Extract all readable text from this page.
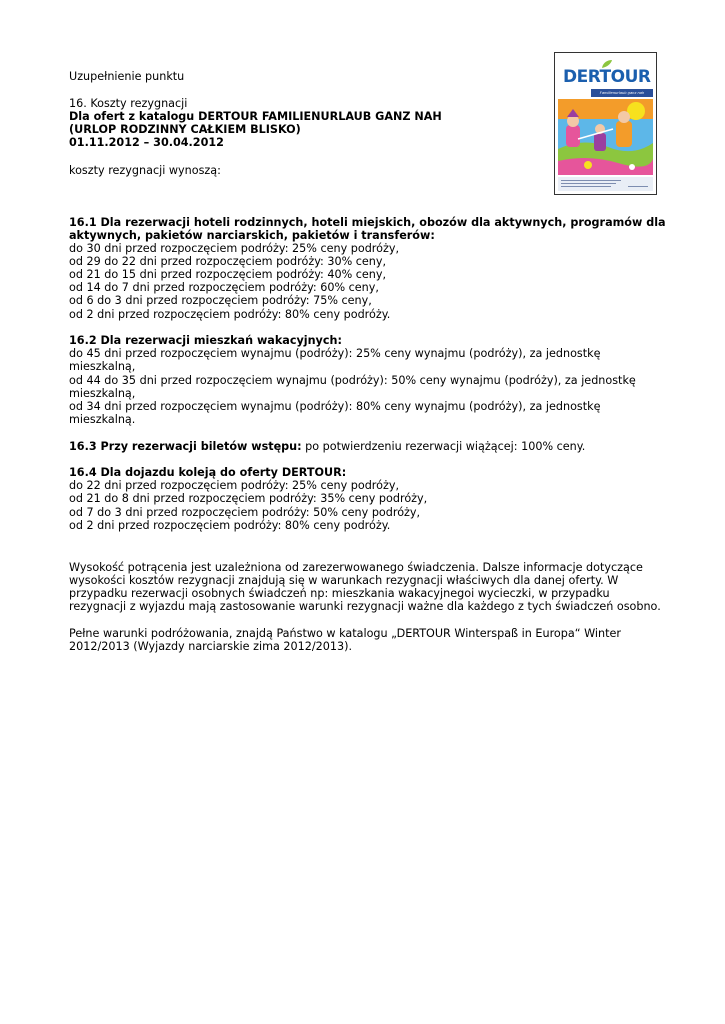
Uzupełnienie punktu
16. Koszty rezygnacji
Dla ofert z katalogu DERTOUR FAMILIENURLAUB GANZ NAH
(URLOP RODZINNY CAŁKIEM BLISKO)
01.11.2012 – 30.04.2012
koszty rezygnacji wynoszą:
16.1 Dla rezerwacji hoteli rodzinnych, hoteli miejskich, obozów dla aktywnych, programów dla
aktywnych, pakietów narciarskich, pakietów i transferów:
do 30 dni przed rozpoczęciem podróży: 25% ceny podróży,
od 29 do 22 dni przed rozpoczęciem podróży: 30% ceny,
od 21 do 15 dni przed rozpoczęciem podróży: 40% ceny,
od 14 do 7 dni przed rozpoczęciem podróży: 60% ceny,
od 6 do 3 dni przed rozpoczęciem podróży: 75% ceny,
od 2 dni przed rozpoczęciem podróży: 80% ceny podróży.
16.2 Dla rezerwacji mieszkań wakacyjnych:
do 45 dni przed rozpoczęciem wynajmu (podróży): 25% ceny wynajmu (podróży), za jednostkę
mieszkalną,
od 44 do 35 dni przed rozpoczęciem wynajmu (podróży): 50% ceny wynajmu (podróży), za jednostkę
mieszkalną,
od 34 dni przed rozpoczęciem wynajmu (podróży): 80% ceny wynajmu (podróży), za jednostkę
mieszkalną.
16.3 Przy rezerwacji biletów wstępu: po potwierdzeniu rezerwacji wiążącej: 100% ceny.
16.4 Dla dojazdu koleją do oferty DERTOUR:
do 22 dni przed rozpoczęciem podróży: 25% ceny podróży,
od 21 do 8 dni przed rozpoczęciem podróży: 35% ceny podróży,
od 7 do 3 dni przed rozpoczęciem podróży: 50% ceny podróży,
od 2 dni przed rozpoczęciem podróży: 80% ceny podróży.
Wysokość potrącenia jest uzależniona od zarezerwowanego świadczenia. Dalsze informacje dotyczące
wysokości kosztów rezygnacji znajdują się w warunkach rezygnacji właściwych dla danej oferty. W
przypadku rezerwacji osobnych świadczeń np: mieszkania wakacyjnegoi wycieczki, w przypadku
rezygnacji z wyjazdu mają zastosowanie warunki rezygnacji ważne dla każdego z tych świadczeń osobno.
Pełne warunki podróżowania, znajdą Państwo w katalogu „DERTOUR Winterspaß in Europa“ Winter
2012/2013 (Wyjazdy narciarskie zima 2012/2013).
DERTOUR
Familienurlaub ganz nah
